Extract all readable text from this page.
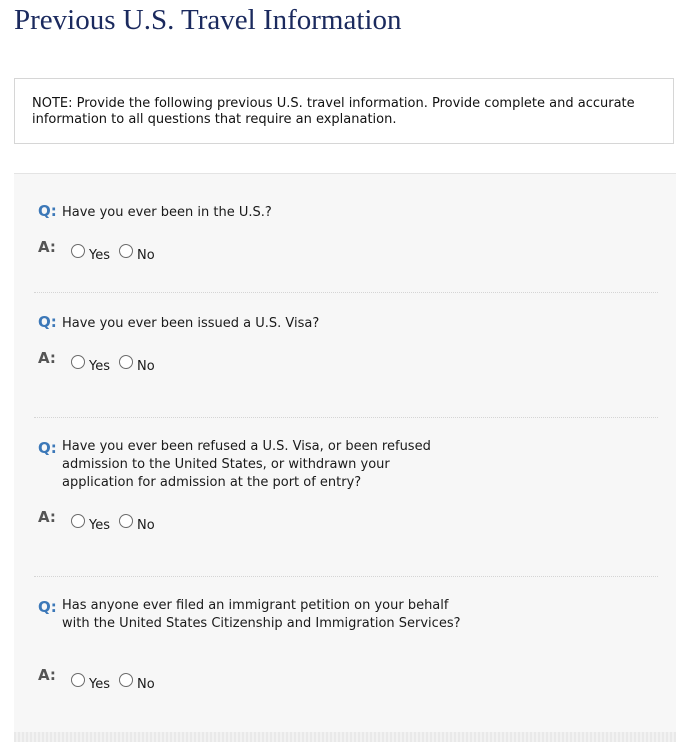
Previous U.S. Travel Information
NOTE: Provide the following previous U.S. travel information. Provide complete and accurate information to all questions that require an explanation.
Q: Have you ever been in the U.S.?
A:	Yes No
Q: Have you ever been issued a U.S. Visa?
A:	Yes No
Q: Have you ever been refused a U.S. Visa, or been refused admission to the United States, or withdrawn your application for admission at the port of entry?
A:	Yes No
Q: Has anyone ever filed an immigrant petition on your behalf with the United States Citizenship and Immigration Services?
A:	Yes No
